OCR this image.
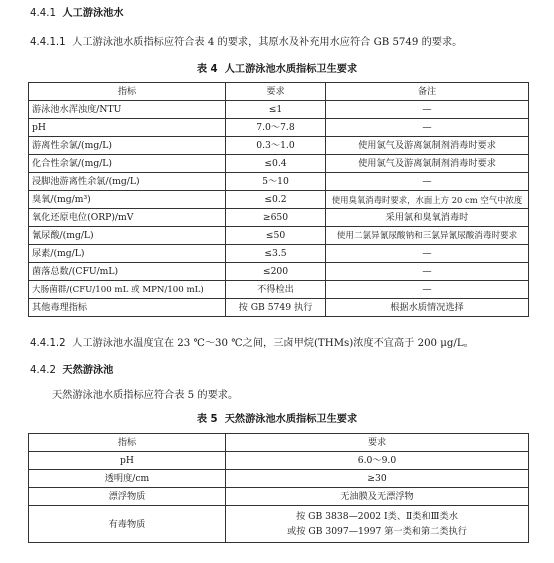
4.4.1 人工游泳池水
4.4.1.1 人工游泳池水质指标应符合表 4 的要求，其原水及补充用水应符合 GB 5749 的要求。
表 4 人工游泳池水质指标卫生要求
指标	要求	备注
游泳池水浑浊度/NTU	≤1	—
pH	7.0～7.8	—
游离性余氯/(mg/L)	0.3～1.0	使用氯气及游离氯制剂消毒时要求
化合性余氯/(mg/L)	≤0.4	使用氯气及游离氯制剂消毒时要求
浸脚池游离性余氯/(mg/L)	5～10	—
臭氧/(mg/m³)	≤0.2	使用臭氧消毒时要求，水面上方 20 cm 空气中浓度
氧化还原电位(ORP)/mV	≥650	采用氯和臭氧消毒时
氰尿酸/(mg/L)	≤50	使用二氯异氰尿酸钠和三氯异氰尿酸消毒时要求
尿素/(mg/L)	≤3.5	—
菌落总数/(CFU/mL)	≤200	—
大肠菌群/(CFU/100 mL 或 MPN/100 mL)	不得检出	—
其他毒理指标	按 GB 5749 执行	根据水质情况选择
4.4.1.2 人工游泳池水温度宜在 23 ℃～30 ℃之间，三卤甲烷(THMs)浓度不宜高于 200 μg/L。
4.4.2 天然游泳池
天然游泳池水质指标应符合表 5 的要求。
表 5 天然游泳池水质指标卫生要求
指标	要求
pH	6.0～9.0
透明度/cm	≥30
漂浮物质	无油膜及无漂浮物
有毒物质	按 GB 3838—2002 Ⅰ类、Ⅱ类和Ⅲ类水
或按 GB 3097—1997 第一类和第二类执行
